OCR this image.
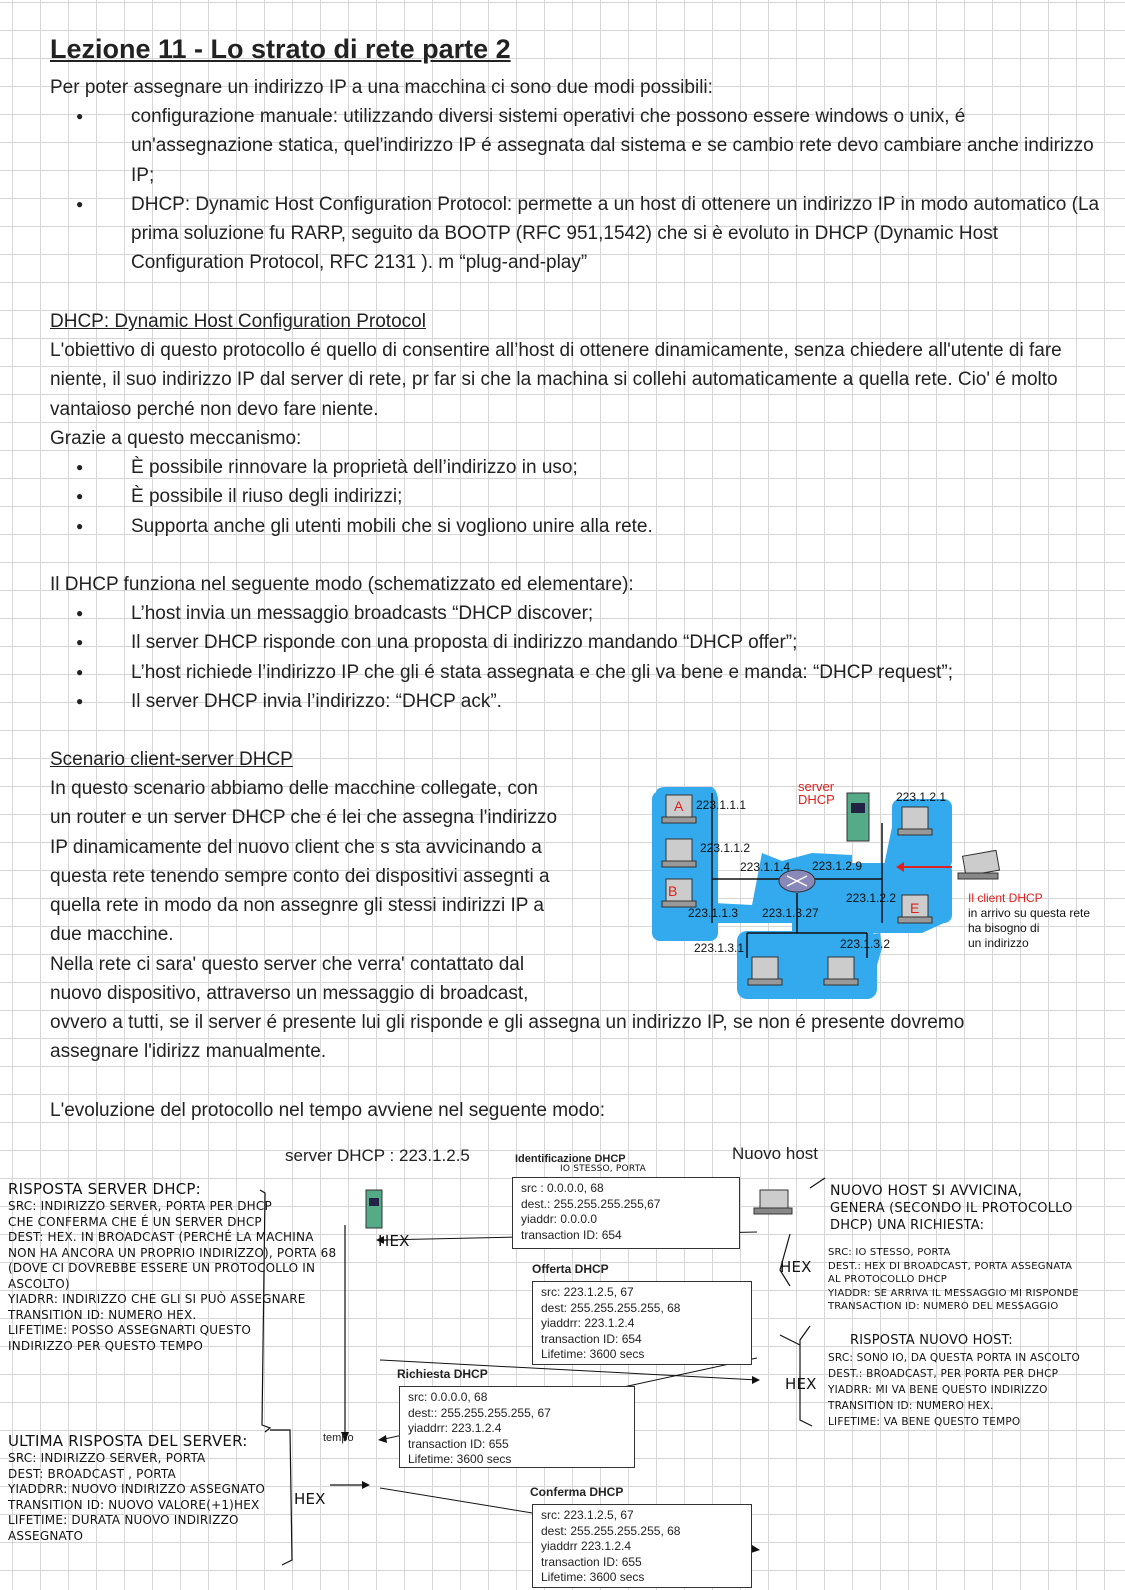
Lezione 11 - Lo strato di rete parte 2
Per poter assegnare un indirizzo IP a una macchina ci sono due modi possibili:
● configurazione manuale: utilizzando diversi sistemi operativi che possono essere windows o unix, é un'assegnazione statica, quel'indirizzo IP é assegnata dal sistema e se cambio rete devo cambiare anche indirizzo IP;
● DHCP: Dynamic Host Configuration Protocol: permette a un host di ottenere un indirizzo IP in modo automatico (La prima soluzione fu RARP, seguito da BOOTP (RFC 951,1542) che si è evoluto in DHCP (Dynamic Host Configuration Protocol, RFC 2131 ). m “plug-and-play”
DHCP: Dynamic Host Configuration Protocol
L'obiettivo di questo protocollo é quello di consentire all’host di ottenere dinamicamente, senza chiedere all'utente di fare niente, il suo indirizzo IP dal server di rete, pr far si che la machina si collehi automaticamente a quella rete. Cio' é molto vantaioso perché non devo fare niente.
Grazie a questo meccanismo:
● È possibile rinnovare la proprietà dell’indirizzo in uso;
● È possibile il riuso degli indirizzi;
● Supporta anche gli utenti mobili che si vogliono unire alla rete.
Il DHCP funziona nel seguente modo (schematizzato ed elementare):
● L’host invia un messaggio broadcasts “DHCP discover;
● Il server DHCP risponde con una proposta di indirizzo mandando “DHCP offer”;
● L’host richiede l’indirizzo IP che gli é stata assegnata e che gli va bene e manda: “DHCP request”;
● Il server DHCP invia l’indirizzo: “DHCP ack”.
Scenario client-server DHCP
In questo scenario abbiamo delle macchine collegate, con
un router e un server DHCP che é lei che assegna l'indirizzo
IP dinamicamente del nuovo client che s sta avvicinando a
questa rete tenendo sempre conto dei dispositivi assegnti a
quella rete in modo da non assegnre gli stessi indirizzi IP a
due macchine.
Nella rete ci sara' questo server che verra' contattato dal
nuovo dispositivo, attraverso un messaggio di broadcast,
ovvero a tutti, se il server é presente lui gli risponde e gli assegna un indirizzo IP, se non é presente dovremo assegnare l'idirizz manualmente.
L'evoluzione del protocollo nel tempo avviene nel seguente modo:
A
B
E
223.1.1.1
223.1.1.2
223.1.1.4 223.1.2.9
223.1.1.3 223.1.3.27
223.1.2.2
223.1.2.1
223.1.3.1	223.1.3.2
server DHCP
Il client DHCP
in arrivo su questa rete
ha bisogno di
un indirizzo
server DHCP : 223.1.2.5	Nuovo host
tempo
Identificazione DHCP
IO STESSO, PORTA
src : 0.0.0.0, 68
dest.: 255.255.255.255,67
yiaddr: 0.0.0.0
transaction ID: 654
Offerta DHCP
src: 223.1.2.5, 67
dest: 255.255.255.255, 68
yiaddrr: 223.1.2.4
transaction ID: 654
Lifetime: 3600 secs
Richiesta DHCP
src: 0.0.0.0, 68
dest:: 255.255.255.255, 67
yiaddrr: 223.1.2.4
transaction ID: 655
Lifetime: 3600 secs
Conferma DHCP
src: 223.1.2.5, 67
dest: 255.255.255.255, 68
yiaddrr 223.1.2.4
transaction ID: 655
Lifetime: 3600 secs
HEX
HEX
HEX
HEX
RISPOSTA SERVER DHCP:
SRC: INDIRIZZO SERVER, PORTA PER DHCP
CHE CONFERMA CHE É UN SERVER DHCP
DEST: HEX. IN BROADCAST (PERCHÉ LA MACHINA
NON HA ANCORA UN PROPRIO INDIRIZZO), PORTA 68
(DOVE CI DOVREBBE ESSERE UN PROTOCOLLO IN
ASCOLTO)
YIADRR: INDIRIZZO CHE GLI SI PUÒ ASSEGNARE
TRANSITION ID: NUMERO HEX.
LIFETIME: POSSO ASSEGNARTI QUESTO
INDIRIZZO PER QUESTO TEMPO
ULTIMA RISPOSTA DEL SERVER:
SRC: INDIRIZZO SERVER, PORTA
DEST: BROADCAST , PORTA
YIADDRR: NUOVO INDIRIZZO ASSEGNATO
TRANSITION ID: NUOVO VALORE(+1)HEX
LIFETIME: DURATA NUOVO INDIRIZZO
ASSEGNATO
NUOVO HOST SI AVVICINA,
GENERA (SECONDO IL PROTOCOLLO
DHCP) UNA RICHIESTA:
SRC: IO STESSO, PORTA
DEST.: HEX DI BROADCAST, PORTA ASSEGNATA
AL PROTOCOLLO DHCP
YIADDR: SE ARRIVA IL MESSAGGIO MI RISPONDE
TRANSACTION ID: NUMERO DEL MESSAGGIO
RISPOSTA NUOVO HOST:
SRC: SONO IO, DA QUESTA PORTA IN ASCOLTO
DEST.: BROADCAST, PER PORTA PER DHCP
YIADRR: MI VA BENE QUESTO INDIRIZZO
TRANSITION ID: NUMERO HEX.
LIFETIME: VA BENE QUESTO TEMPO
